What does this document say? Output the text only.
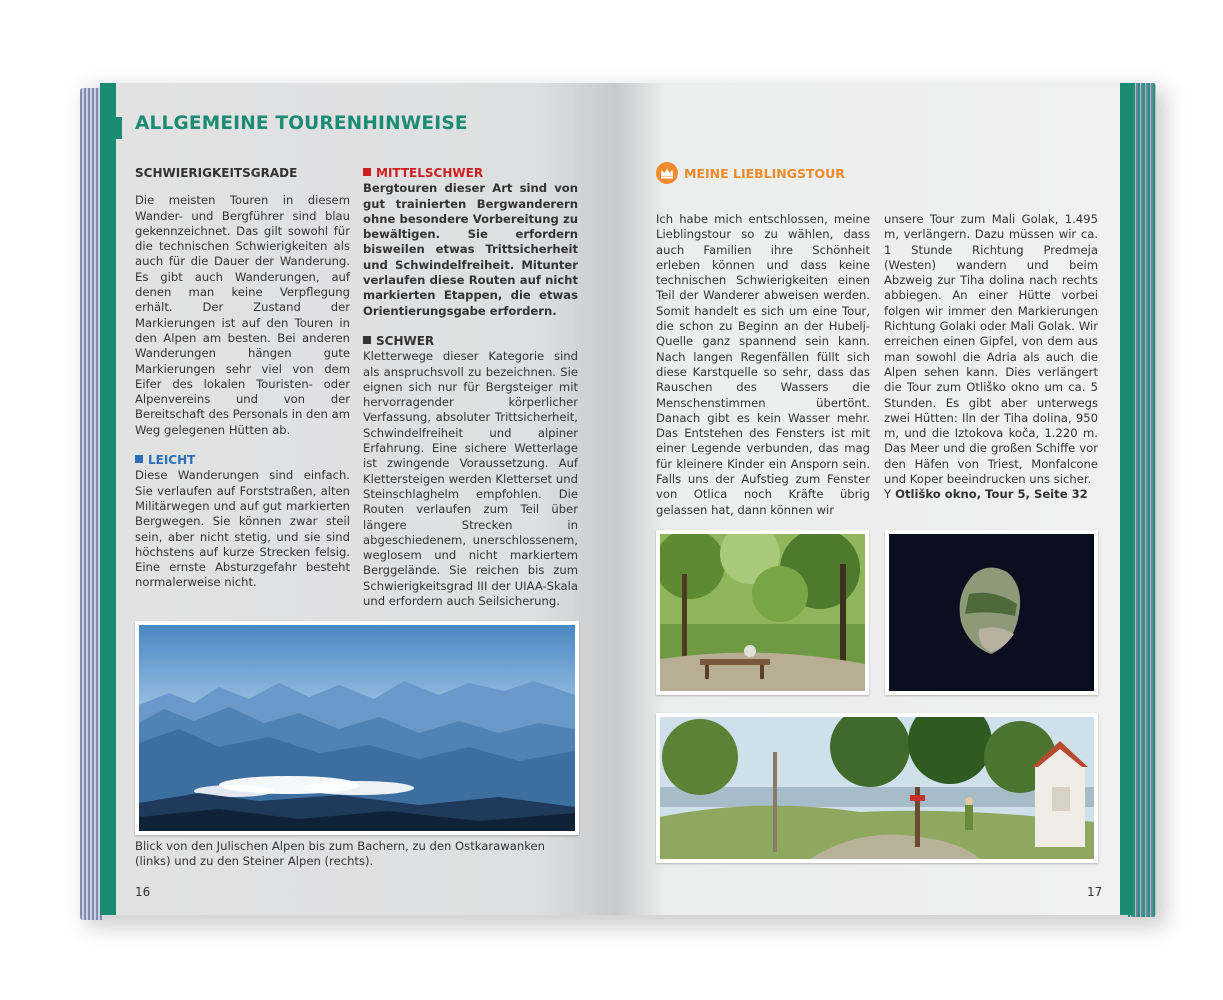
ALLGEMEINE TOURENHINWEISE
SCHWIERIGKEITSGRADE

Die meisten Touren in diesem Wander- und Bergführer sind blau gekennzeichnet. Das gilt sowohl für die technischen Schwierigkeiten als auch für die Dauer der Wanderung. Es gibt auch Wanderungen, auf denen man keine Verpflegung erhält. Der Zustand der Markierungen ist auf den Touren in den Alpen am besten. Bei anderen Wanderungen hängen gute Markierungen sehr viel von dem Eifer des lokalen Touristen- oder Alpenvereins und von der Bereitschaft des Personals in den am Weg gelegenen Hütten ab.

LEICHT

Diese Wanderungen sind einfach. Sie verlaufen auf Forststraßen, alten Militärwegen und auf gut markierten Bergwegen. Sie können zwar steil sein, aber nicht stetig, und sie sind höchstens auf kurze Strecken felsig. Eine ernste Absturzgefahr besteht normalerweise nicht.

MITTELSCHWER

Bergtouren dieser Art sind von gut trainierten Bergwanderern ohne besondere Vorbereitung zu bewältigen. Sie erfordern bisweilen etwas Trittsicherheit und Schwindelfreiheit. Mitunter verlaufen diese Routen auf nicht markierten Etappen, die etwas Orientierungsgabe erfordern.

SCHWER

Kletterwege dieser Kategorie sind als anspruchsvoll zu bezeichnen. Sie eignen sich nur für Bergsteiger mit hervorragender körperlicher Verfassung, absoluter Trittsicherheit, Schwindelfreiheit und alpiner Erfahrung. Eine sichere Wetterlage ist zwingende Voraussetzung. Auf Klettersteigen werden Kletterset und Steinschlaghelm empfohlen. Die Routen verlaufen zum Teil über längere Strecken in abgeschiedenem, unerschlossenem, weglosem und nicht markiertem Berggelände. Sie reichen bis zum Schwierigkeitsgrad III der UIAA-Skala und erfordern auch Seilsicherung.

Blick von den Julischen Alpen bis zum Bachern, zu den Ostkarawanken (links) und zu den Steiner Alpen (rechts).
16
MEINE LIEBLINGSTOUR

Ich habe mich entschlossen, meine Lieblingstour so zu wählen, dass auch Familien ihre Schönheit erleben können und dass keine technischen Schwierigkeiten einen Teil der Wanderer abweisen werden. Somit handelt es sich um eine Tour, die schon zu Beginn an der Hubelj-Quelle ganz spannend sein kann. Nach langen Regenfällen füllt sich diese Karstquelle so sehr, dass das Rauschen des Wassers die Menschenstimmen übertönt. Danach gibt es kein Wasser mehr. Das Entstehen des Fensters ist mit einer Legende verbunden, das mag für kleinere Kinder ein Ansporn sein. Falls uns der Aufstieg zum Fenster von Otlica noch Kräfte übrig gelassen hat, dann können wir

unsere Tour zum Mali Golak, 1.495 m, verlängern. Dazu müssen wir ca. 1 Stunde Richtung Predmeja (Westen) wandern und beim Abzweig zur Tiha dolina nach rechts abbiegen. An einer Hütte vorbei folgen wir immer den Markierungen Richtung Golaki oder Mali Golak. Wir erreichen einen Gipfel, von dem aus man sowohl die Adria als auch die Alpen sehen kann. Dies verlängert die Tour zum Otliško okno um ca. 5 Stunden. Es gibt aber unterwegs zwei Hütten: Iln der Tiha dolina, 950 m, und die Iztokova koča, 1.220 m. Das Meer und die großen Schiffe vor den Häfen von Triest, Monfalcone und Koper beeindrucken uns sicher.

Y Otliško okno, Tour 5, Seite 32
17
